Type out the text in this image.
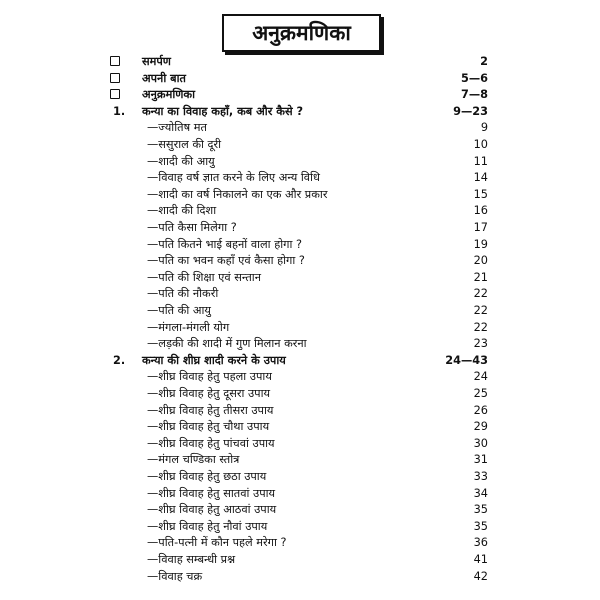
अनुक्रमणिका
समर्पण	2
अपनी बात	5—6
अनुक्रमणिका	7—8
1.	कन्या का विवाह कहाँ, कब और कैसे ?	9—23
—ज्योतिष मत	9
—ससुराल की दूरी	10
—शादी की आयु	11
—विवाह वर्ष ज्ञात करने के लिए अन्य विधि	14
—शादी का वर्ष निकालने का एक और प्रकार	15
—शादी की दिशा	16
—पति कैसा मिलेगा ?	17
—पति कितने भाई बहनों वाला होगा ?	19
—पति का भवन कहाँ एवं कैसा होगा ?	20
—पति की शिक्षा एवं सन्तान	21
—पति की नौकरी	22
—पति की आयु	22
—मंगला-मंगली योग	22
—लड़की की शादी में गुण मिलान करना	23
2.	कन्या की शीघ्र शादी करने के उपाय	24—43
—शीघ्र विवाह हेतु पहला उपाय	24
—शीघ्र विवाह हेतु दूसरा उपाय	25
—शीघ्र विवाह हेतु तीसरा उपाय	26
—शीघ्र विवाह हेतु चौथा उपाय	29
—शीघ्र विवाह हेतु पांचवां उपाय	30
—मंगल चण्डिका स्तोत्र	31
—शीघ्र विवाह हेतु छठा उपाय	33
—शीघ्र विवाह हेतु सातवां उपाय	34
—शीघ्र विवाह हेतु आठवां उपाय	35
—शीघ्र विवाह हेतु नौवां उपाय	35
—पति-पत्नी में कौन पहले मरेगा ?	36
—विवाह सम्बन्धी प्रश्न	41
—विवाह चक्र	42
